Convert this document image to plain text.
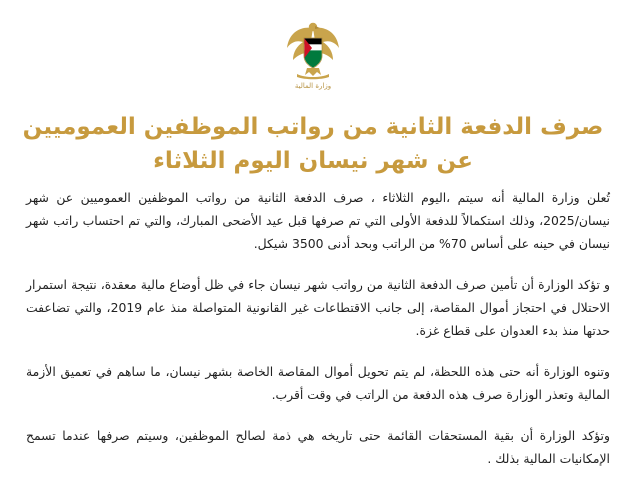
وزارة المالية
صرف الدفعة الثانية من رواتب الموظفين العموميين
عن شهر نيسان اليوم الثلاثاء

تُعلن وزارة المالية أنه سيتم ،اليوم الثلاثاء ، صرف الدفعة الثانية من رواتب الموظفين العموميين عن شهر نيسان/2025، وذلك استكمالاً للدفعة الأولى التي تم صرفها قبل عيد الأضحى المبارك، والتي تم احتساب راتب شهر نيسان في حينه على أساس 70% من الراتب وبحد أدنى 3500 شيكل.

و تؤكد الوزارة أن تأمين صرف الدفعة الثانية من رواتب شهر نيسان جاء في ظل أوضاع مالية معقدة، نتيجة استمرار الاحتلال في احتجاز أموال المقاصة، إلى جانب الاقتطاعات غير القانونية المتواصلة منذ عام 2019، والتي تضاعفت حدتها منذ بدء العدوان على قطاع غزة.

وتنوه الوزارة أنه حتى هذه اللحظة، لم يتم تحويل أموال المقاصة الخاصة بشهر نيسان، ما ساهم في تعميق الأزمة المالية وتعذر الوزارة صرف هذه الدفعة من الراتب في وقت أقرب.

وتؤكد الوزارة أن بقية المستحقات القائمة حتى تاريخه هي ذمة لصالح الموظفين، وسيتم صرفها عندما تسمح الإمكانيات المالية بذلك .
